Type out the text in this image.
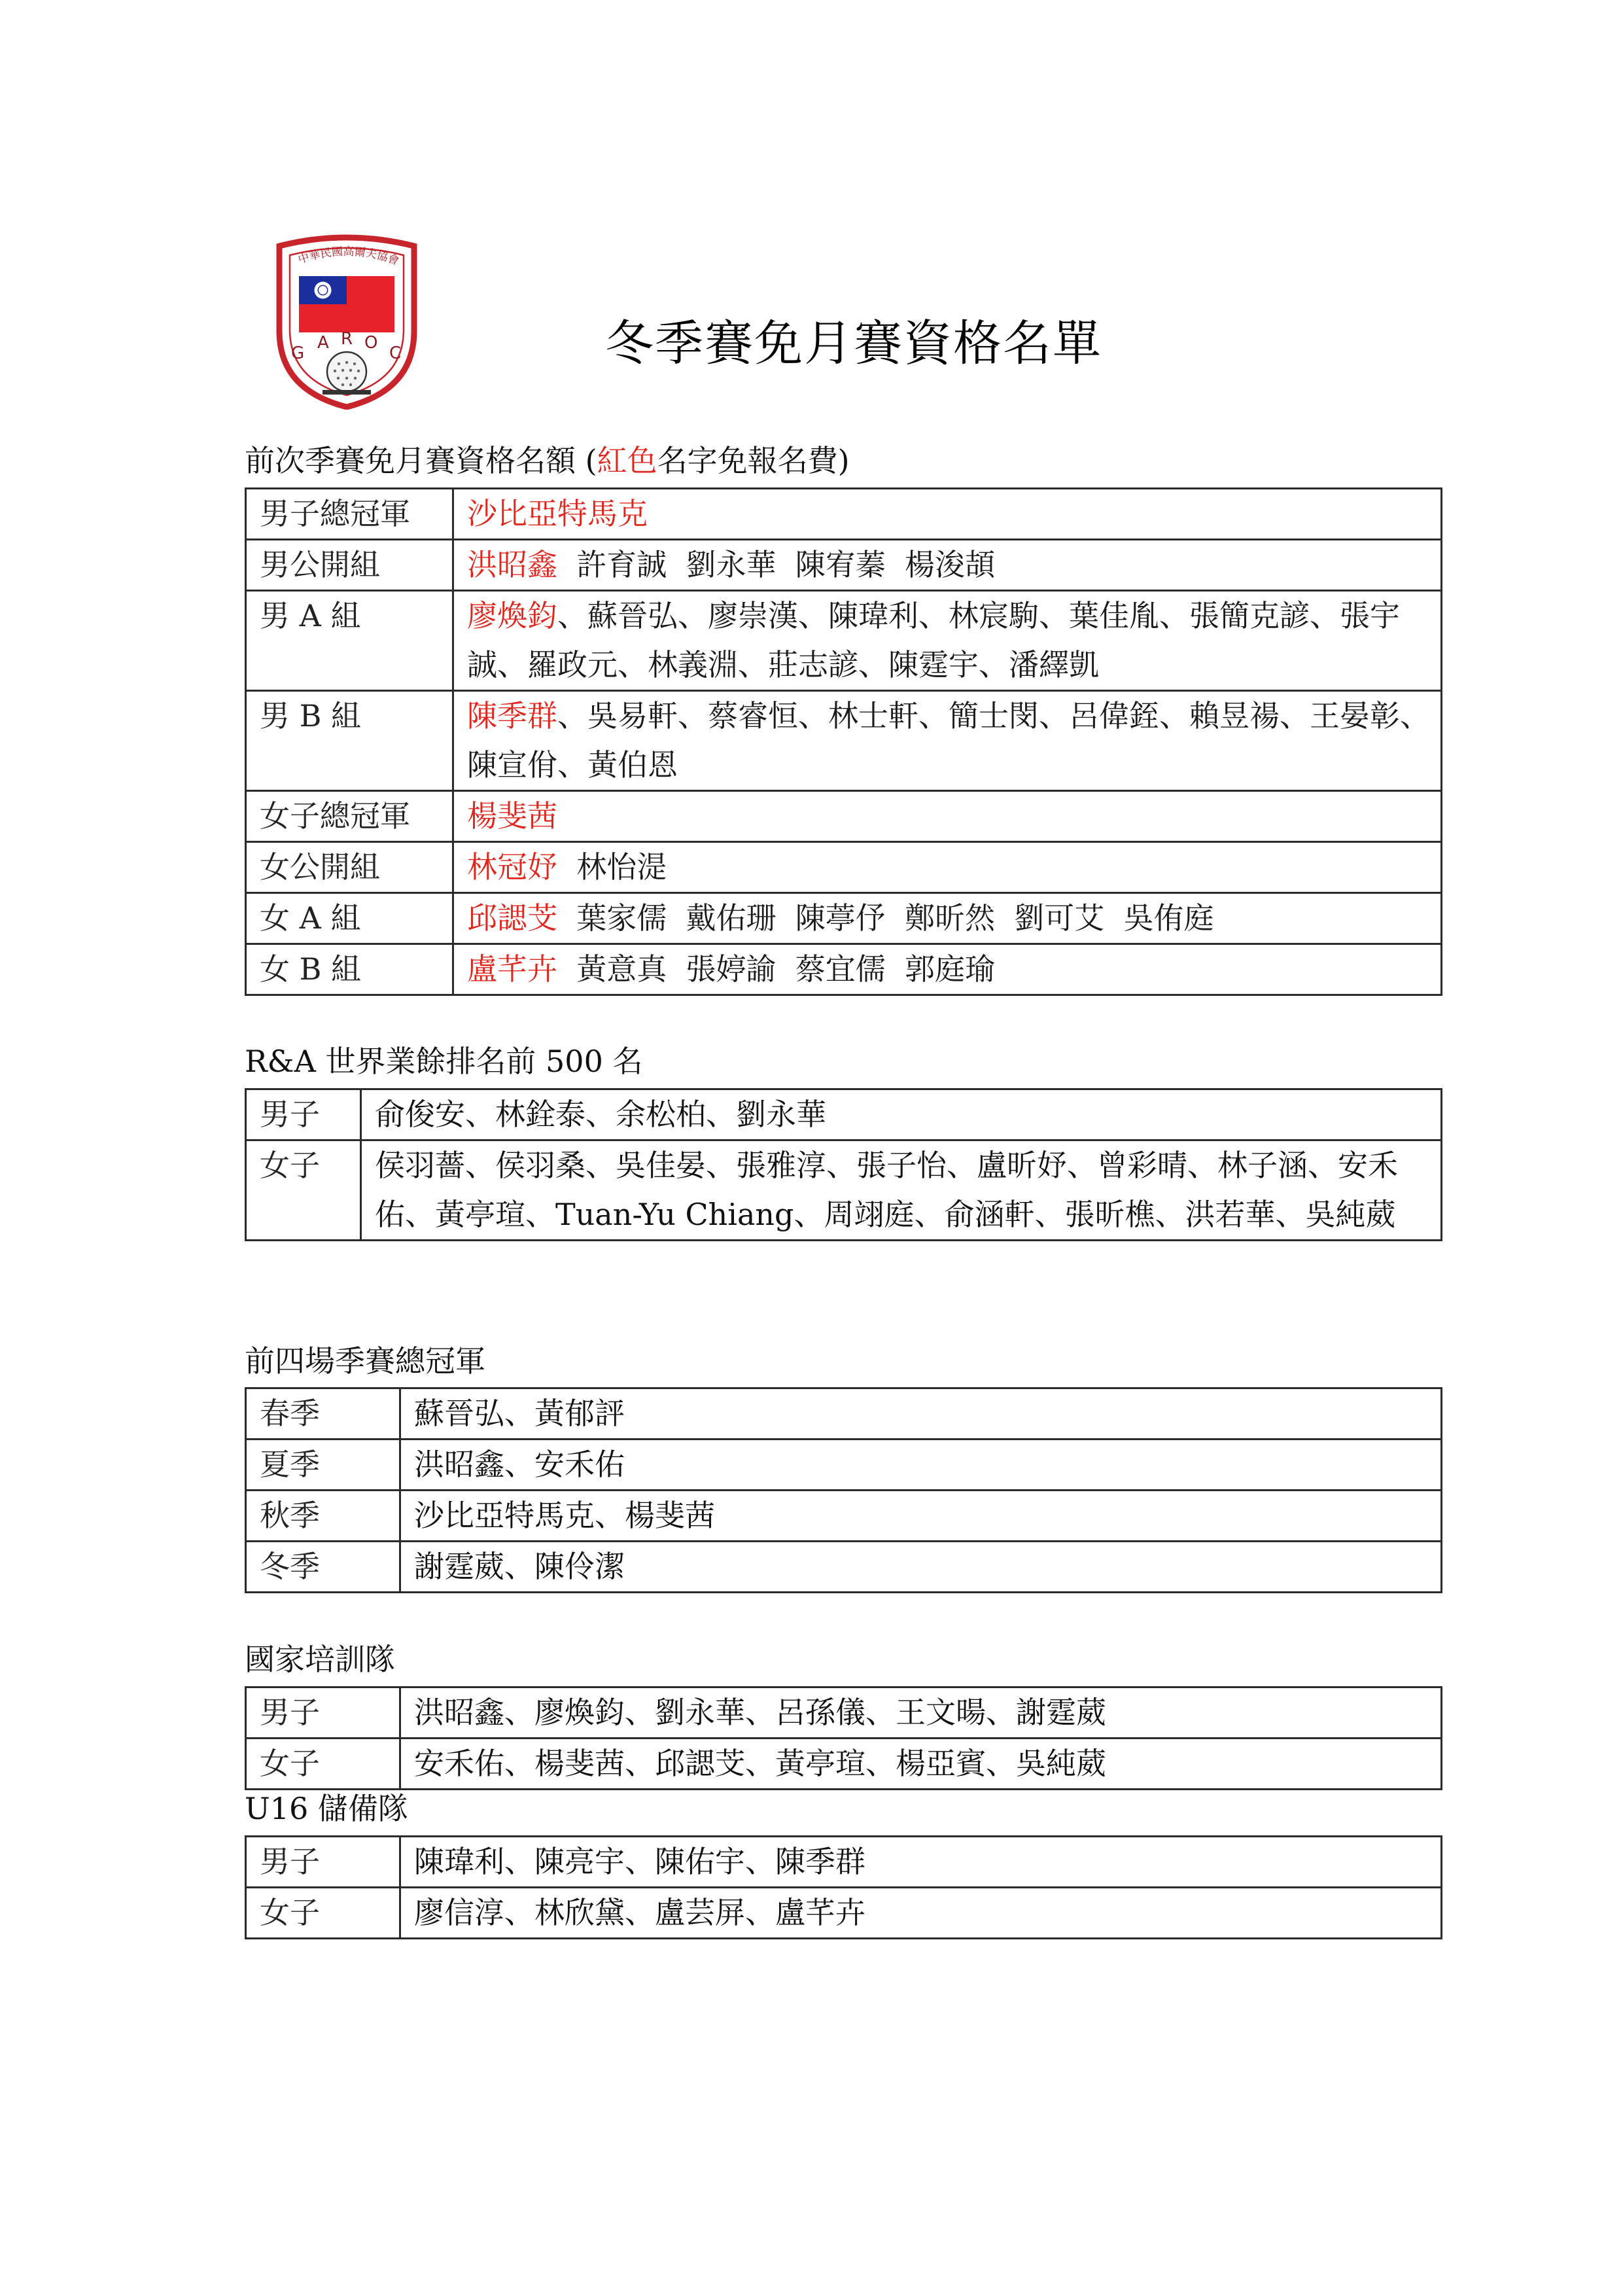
中華民國高爾夫協會
G
A R O
C	冬季賽免月賽資格名單
前次季賽免月賽資格名額 (紅色名字免報名費)
男子總冠軍	沙比亞特馬克
男公開組	洪昭鑫  許育誠  劉永華  陳宥蓁  楊浚頡
男 A 組	廖煥鈞、蘇晉弘、廖崇漢、陳瑋利、林宸駒、葉佳胤、張簡克諺、張宇誠、羅政元、林義淵、莊志諺、陳霆宇、潘繹凱
男 B 組	陳季群、吳易軒、蔡睿恒、林士軒、簡士閔、呂偉銍、賴昱禓、王晏彰、陳宣佾、黃伯恩
女子總冠軍	楊斐茜
女公開組	林冠妤  林怡湜
女 A 組	邱諰芠  葉家儒  戴佑珊  陳葶伃  鄭昕然  劉可艾  吳侑庭
女 B 組	盧芊卉  黃意真  張婷諭  蔡宜儒  郭庭瑜
R&A 世界業餘排名前 500 名
男子	俞俊安、林銓泰、余松柏、劉永華
女子	侯羽薔、侯羽桑、吳佳晏、張雅淳、張子怡、盧昕妤、曾彩晴、林子涵、安禾佑、黃亭瑄、Tuan-Yu Chiang、周翊庭、俞涵軒、張昕樵、洪若華、吳純葳
前四場季賽總冠軍
春季	蘇晉弘、黃郁評
夏季	洪昭鑫、安禾佑
秋季	沙比亞特馬克、楊斐茜
冬季	謝霆葳、陳伶潔
國家培訓隊
男子	洪昭鑫、廖煥鈞、劉永華、呂孫儀、王文暘、謝霆葳
女子	安禾佑、楊斐茜、邱諰芠、黃亭瑄、楊亞賓、吳純葳
U16 儲備隊
男子	陳瑋利、陳亮宇、陳佑宇、陳季群
女子	廖信淳、林欣黛、盧芸屏、盧芊卉
